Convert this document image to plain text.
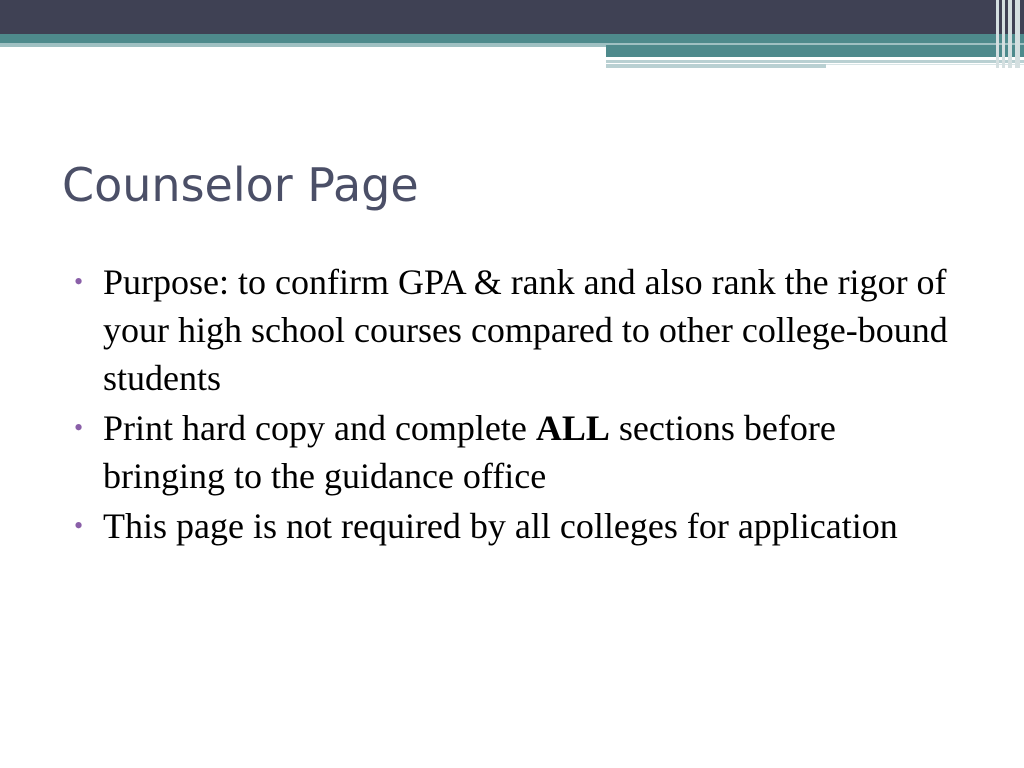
Counselor Page
• Purpose: to confirm GPA & rank and also rank the rigor of your high school courses compared to other college-bound students
• Print hard copy and complete ALL sections before bringing to the guidance office
• This page is not required by all colleges for application
